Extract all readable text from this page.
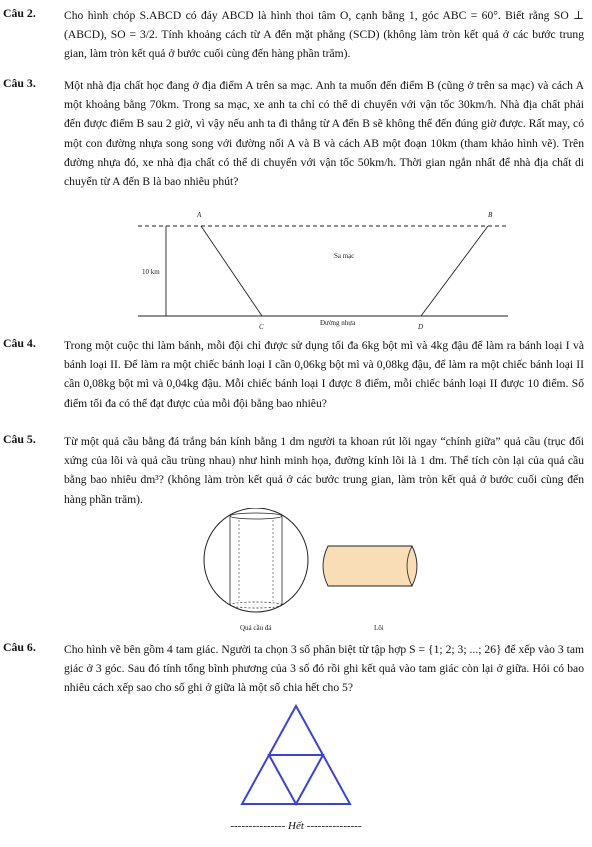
Câu 2. Cho hình chóp S.ABCD có đáy ABCD là hình thoi tâm O, cạnh bằng 1, góc ABC = 60°. Biết rằng SO ⊥ (ABCD), SO = 3/2. Tính khoảng cách từ A đến mặt phẳng (SCD) (không làm tròn kết quả ở các bước trung gian, làm tròn kết quả ở bước cuối cùng đến hàng phần trăm).
Câu 3. Một nhà địa chất học đang ở địa điểm A trên sa mạc. Anh ta muốn đến điểm B (cũng ở trên sa mạc) và cách A một khoảng bằng 70km. Trong sa mạc, xe anh ta chỉ có thể di chuyển với vận tốc 30km/h. Nhà địa chất phải đến được điểm B sau 2 giờ, vì vậy nếu anh ta đi thẳng từ A đến B sẽ không thể đến đúng giờ được. Rất may, có một con đường nhựa song song với đường nối A và B và cách AB một đoạn 10km (tham khảo hình vẽ). Trên đường nhựa đó, xe nhà địa chất có thể di chuyển với vận tốc 50km/h. Thời gian ngắn nhất để nhà địa chất di chuyển từ A đến B là bao nhiêu phút?
A	B
C	D
Sa mạc
10 km
Đường nhựa
Câu 4. Trong một cuộc thi làm bánh, mỗi đội chỉ được sử dụng tối đa 6kg bột mì và 4kg đậu để làm ra bánh loại I và bánh loại II. Để làm ra một chiếc bánh loại I cần 0,06kg bột mì và 0,08kg đậu, để làm ra một chiếc bánh loại II cần 0,08kg bột mì và 0,04kg đậu. Mỗi chiếc bánh loại I được 8 điểm, mỗi chiếc bánh loại II được 10 điểm. Số điểm tối đa có thể đạt được của mỗi đội bằng bao nhiêu?
Câu 5. Từ một quả cầu bằng đá trắng bán kính bằng 1 dm người ta khoan rút lõi ngay “chính giữa” quả cầu (trục đối xứng của lõi và quả cầu trùng nhau) như hình minh họa, đường kính lõi là 1 dm. Thể tích còn lại của quả cầu bằng bao nhiêu dm³? (không làm tròn kết quả ở các bước trung gian, làm tròn kết quả ở bước cuối cùng đến hàng phần trăm).
Quả cầu đá	Lõi
Câu 6. Cho hình vẽ bên gồm 4 tam giác. Người ta chọn 3 số phân biệt từ tập hợp S = {1; 2; 3; ...; 26} để xếp vào 3 tam giác ở 3 góc. Sau đó tính tổng bình phương của 3 số đó rồi ghi kết quả vào tam giác còn lại ở giữa. Hỏi có bao nhiêu cách xếp sao cho số ghi ở giữa là một số chia hết cho 5?
--------------- Hết ---------------
